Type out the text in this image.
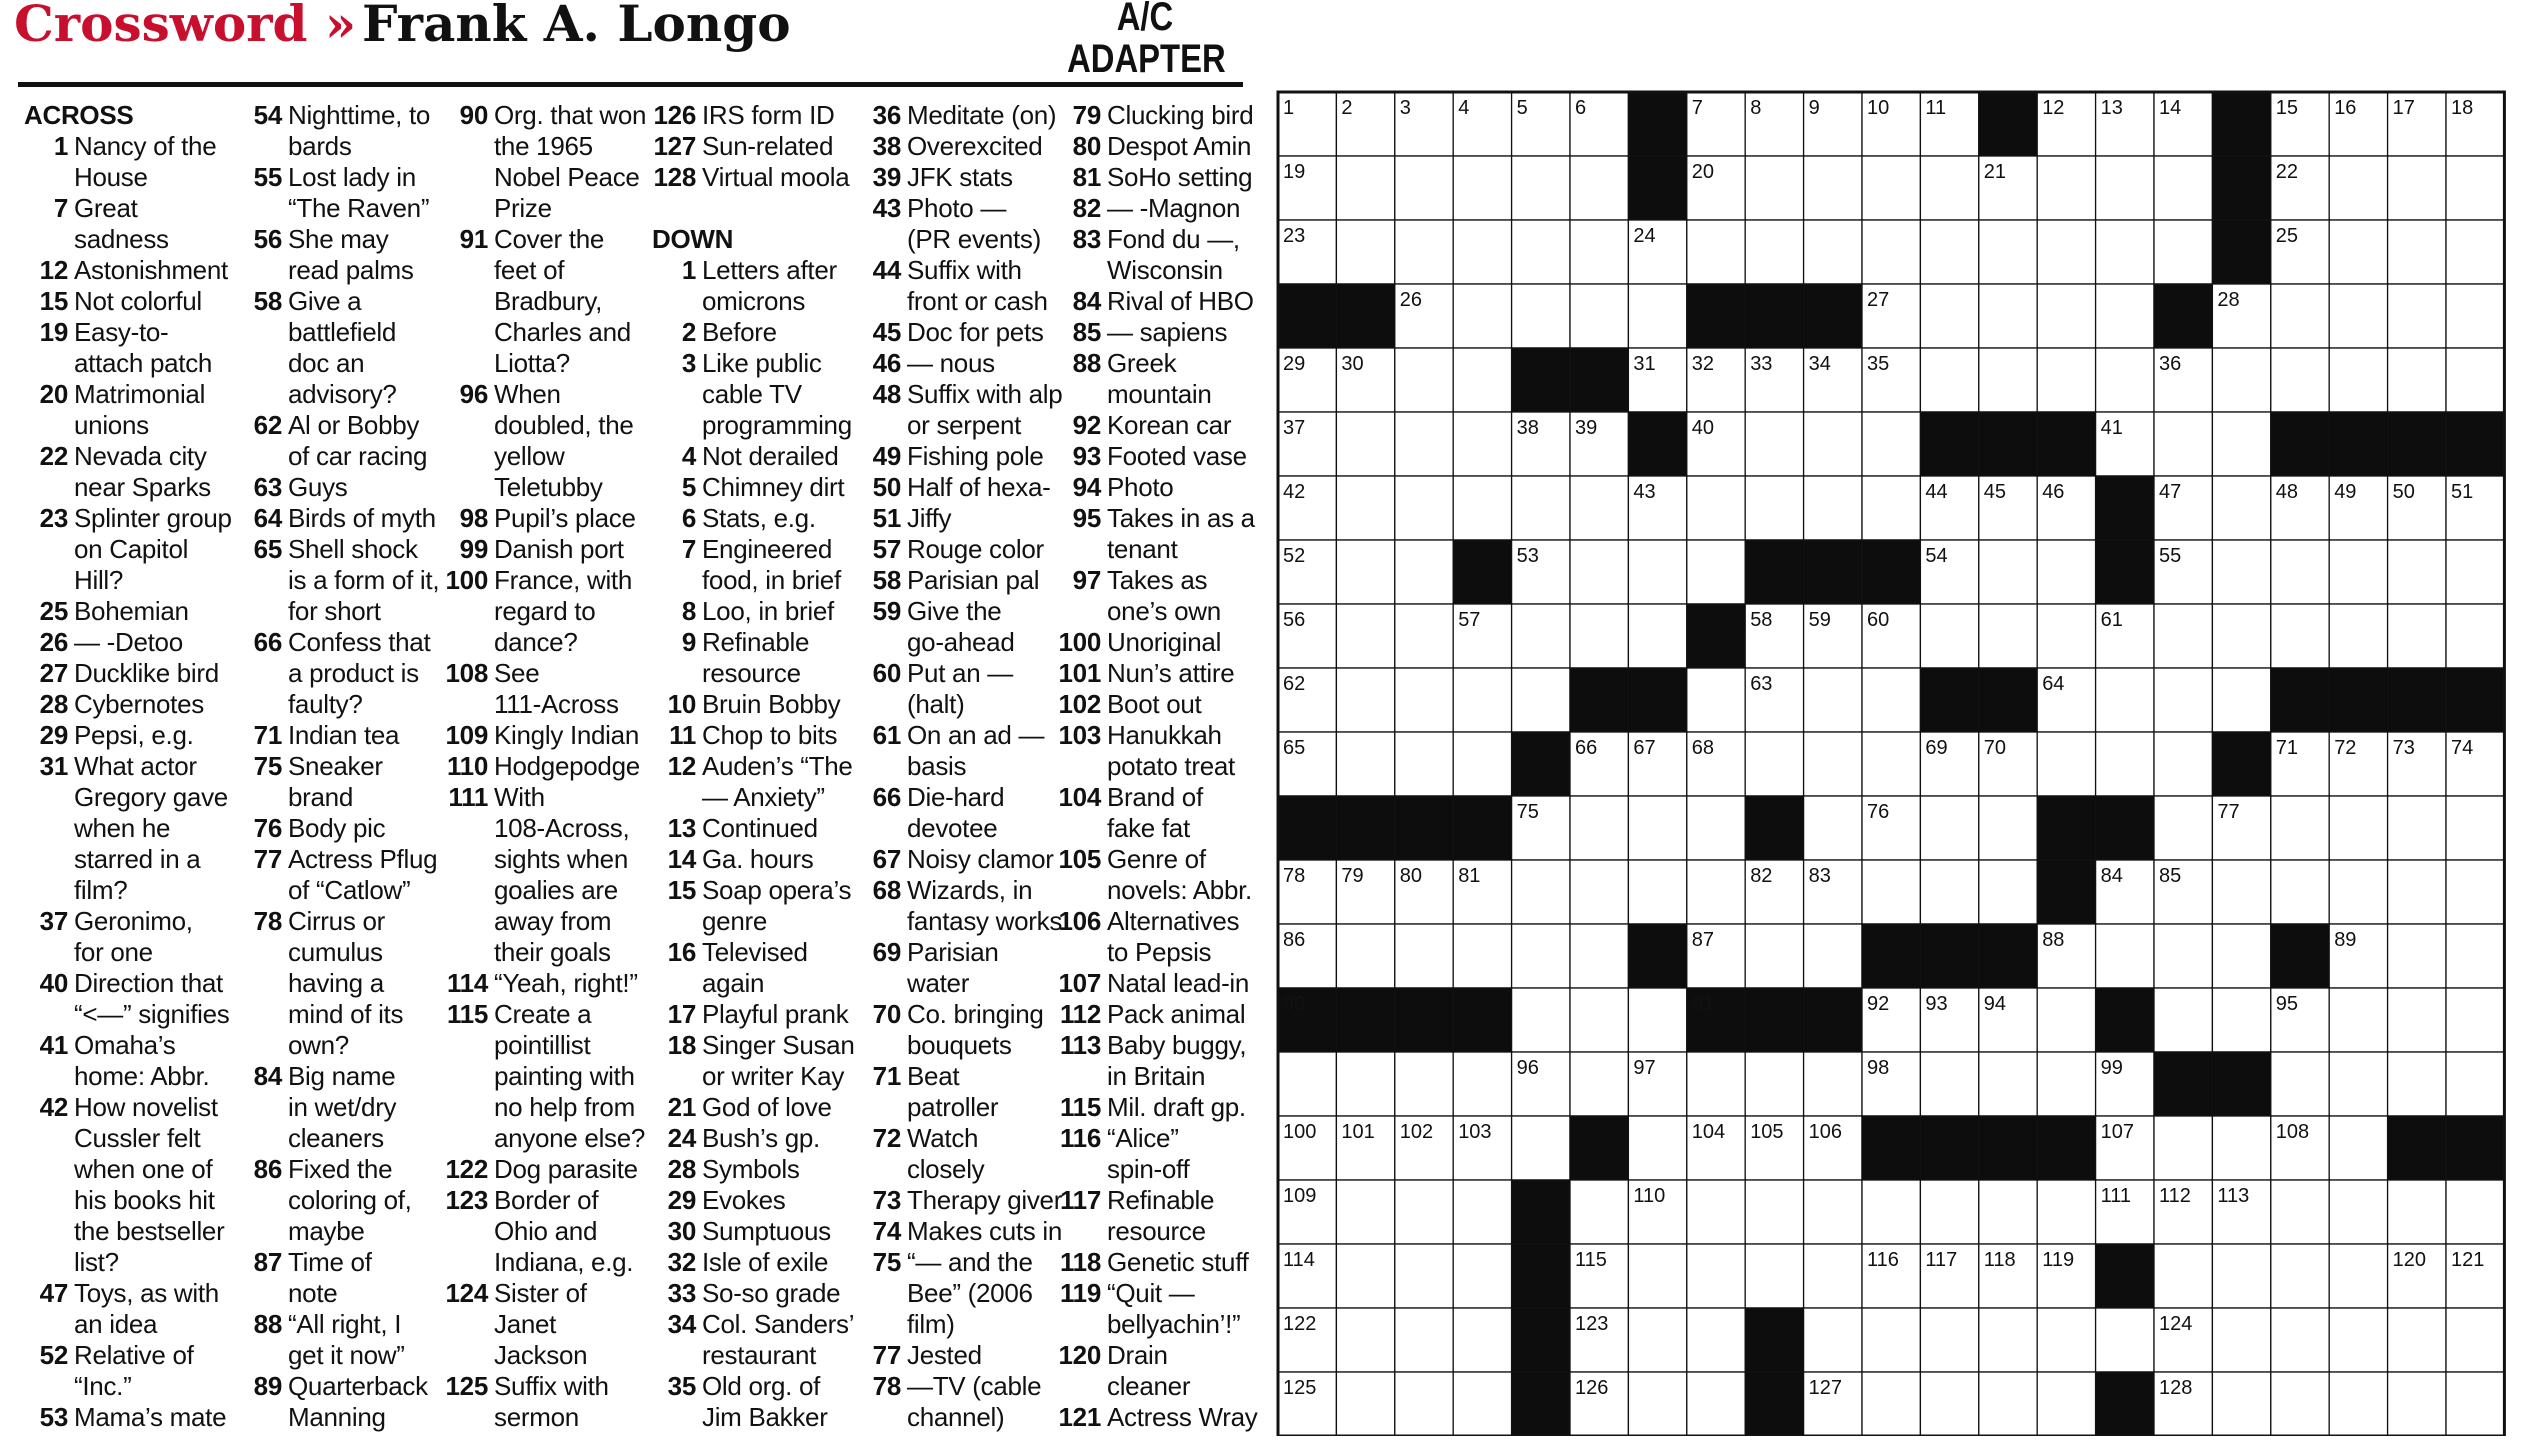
Crossword » Frank A. Longo	A/C
ADAPTER
ACROSS
1 Nancy of the
House
7 Great
sadness
12 Astonishment
15 Not colorful
19 Easy-to-
attach patch
20 Matrimonial
unions
22 Nevada city
near Sparks
23 Splinter group
on Capitol
Hill?
25 Bohemian
26 — -Detoo
27 Ducklike bird
28 Cybernotes
29 Pepsi, e.g.
31 What actor
Gregory gave
when he
starred in a
film?
37 Geronimo,
for one
40 Direction that
“<—” signifies
41 Omaha’s
home: Abbr.
42 How novelist
Cussler felt
when one of
his books hit
the bestseller
list?
47 Toys, as with
an idea
52 Relative of
“Inc.”
53 Mama’s mate
54 Nighttime, to
bards
55 Lost lady in
“The Raven”
56 She may
read palms
58 Give a
battlefield
doc an
advisory?
62 Al or Bobby
of car racing
63 Guys
64 Birds of myth
65 Shell shock
is a form of it,
for short
66 Confess that
a product is
faulty?
71 Indian tea
75 Sneaker
brand
76 Body pic
77 Actress Pflug
of “Catlow”
78 Cirrus or
cumulus
having a
mind of its
own?
84 Big name
in wet/dry
cleaners
86 Fixed the
coloring of,
maybe
87 Time of
note
88 “All right, I
get it now”
89 Quarterback
Manning
90 Org. that won
the 1965
Nobel Peace
Prize
91 Cover the
feet of
Bradbury,
Charles and
Liotta?
96 When
doubled, the
yellow
Teletubby
98 Pupil’s place
99 Danish port
100 France, with
regard to
dance?
108 See
111-Across
109 Kingly Indian
110 Hodgepodge
111 With
108-Across,
sights when
goalies are
away from
their goals
114 “Yeah, right!”
115 Create a
pointillist
painting with
no help from
anyone else?
122 Dog parasite
123 Border of
Ohio and
Indiana, e.g.
124 Sister of
Janet
Jackson
125 Suffix with
sermon
126 IRS form ID
127 Sun-related
128 Virtual moola
DOWN
1 Letters after
omicrons
2 Before
3 Like public
cable TV
programming
4 Not derailed
5 Chimney dirt
6 Stats, e.g.
7 Engineered
food, in brief
8 Loo, in brief
9 Refinable
resource
10 Bruin Bobby
11 Chop to bits
12 Auden’s “The
— Anxiety”
13 Continued
14 Ga. hours
15 Soap opera’s
genre
16 Televised
again
17 Playful prank
18 Singer Susan
or writer Kay
21 God of love
24 Bush’s gp.
28 Symbols
29 Evokes
30 Sumptuous
32 Isle of exile
33 So-so grade
34 Col. Sanders’
restaurant
35 Old org. of
Jim Bakker
36 Meditate (on)
38 Overexcited
39 JFK stats
43 Photo —
(PR events)
44 Suffix with
front or cash
45 Doc for pets
46 — nous
48 Suffix with alp
or serpent
49 Fishing pole
50 Half of hexa-
51 Jiffy
57 Rouge color
58 Parisian pal
59 Give the
go-ahead
60 Put an —
(halt)
61 On an ad —
basis
66 Die-hard
devotee
67 Noisy clamor
68 Wizards, in
fantasy works
69 Parisian
water
70 Co. bringing
bouquets
71 Beat
patroller
72 Watch
closely
73 Therapy giver
74 Makes cuts in
75 “— and the
Bee” (2006
film)
77 Jested
78 —TV (cable
channel)
79 Clucking bird
80 Despot Amin
81 SoHo setting
82 — -Magnon
83 Fond du —,
Wisconsin
84 Rival of HBO
85 — sapiens
88 Greek
mountain
92 Korean car
93 Footed vase
94 Photo
95 Takes in as a
tenant
97 Takes as
one’s own
100 Unoriginal
101 Nun’s attire
102 Boot out
103 Hanukkah
potato treat
104 Brand of
fake fat
105 Genre of
novels: Abbr.
106 Alternatives
to Pepsis
107 Natal lead-in
112 Pack animal
113 Baby buggy,
in Britain
115 Mil. draft gp.
116 “Alice”
spin-off
117 Refinable
resource
118 Genetic stuff
119 “Quit —
bellyachin’!”
120 Drain
cleaner
121 Actress Wray
1 2 3 4 5 6	7 8 9 10 11	12 13 14	15 16 17 18
19	20	21	22
23	24	25
26	27	28
29 30	31 32 33 34 35	36
37	38 39	40	41
42	43	44 45 46	47	48 49 50 51
52	53	54	55
56	57	58 59 60	61
62	63	64
65	66 67 68	69 70	71 72 73 74
75	76	77
78 79 80 81	82 83	84 85
86	87	88	89
90	91	92 93 94	95
96	97	98	99
100 101 102 103	104 105 106	107	108
109	110	111 112 113
114	115	116 117 118 119	120 121
122	123	124
125	126	127	128
